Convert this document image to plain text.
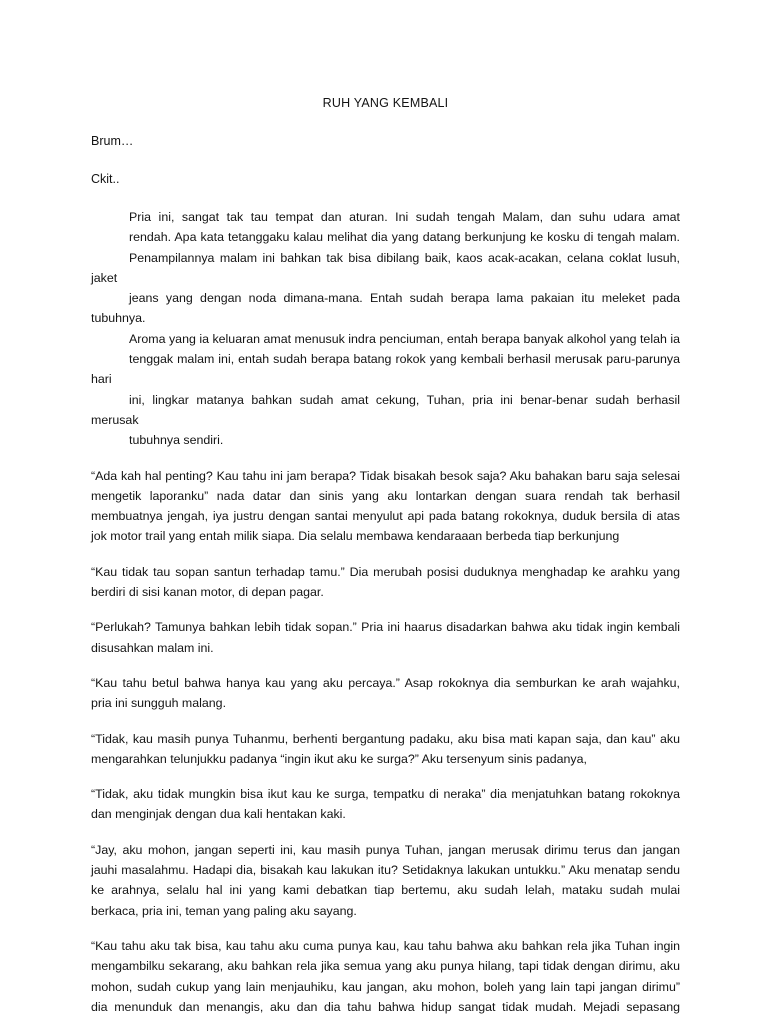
RUH YANG KEMBALI
Brum…
Ckit..
Pria ini, sangat tak tau tempat dan aturan. Ini sudah tengah Malam, dan suhu udara amat
rendah. Apa kata tetanggaku kalau melihat dia yang datang berkunjung ke kosku di tengah malam.
Penampilannya malam ini bahkan tak bisa dibilang baik, kaos acak-acakan, celana coklat lusuh, jaket
jeans yang dengan noda dimana-mana. Entah sudah berapa lama pakaian itu meleket pada tubuhnya.
Aroma yang ia keluaran amat menusuk indra penciuman, entah berapa banyak alkohol yang telah ia
tenggak malam ini, entah sudah berapa batang rokok yang kembali berhasil merusak paru-parunya hari
ini, lingkar matanya bahkan sudah amat cekung, Tuhan, pria ini benar-benar sudah berhasil merusak
tubuhnya sendiri.
“Ada kah hal penting? Kau tahu ini jam berapa? Tidak bisakah besok saja? Aku bahakan baru saja selesai
mengetik laporanku” nada datar dan sinis yang aku lontarkan dengan suara rendah tak berhasil
membuatnya jengah, iya justru dengan santai menyulut api pada batang rokoknya, duduk bersila di atas
jok motor trail yang entah milik siapa. Dia selalu membawa kendaraaan berbeda tiap berkunjung
“Kau tidak tau sopan santun terhadap tamu.” Dia merubah posisi duduknya menghadap ke arahku yang
berdiri di sisi kanan motor, di depan pagar.
“Perlukah? Tamunya bahkan lebih tidak sopan.” Pria ini haarus disadarkan bahwa aku tidak ingin kembali
disusahkan malam ini.
“Kau tahu betul bahwa hanya kau yang aku percaya.” Asap rokoknya dia semburkan ke arah wajahku,
pria ini sungguh malang.
“Tidak, kau masih punya Tuhanmu, berhenti bergantung padaku, aku bisa mati kapan saja, dan kau” aku
mengarahkan telunjukku padanya “ingin ikut aku ke surga?” Aku tersenyum sinis padanya,
“Tidak, aku tidak mungkin bisa ikut kau ke surga, tempatku di neraka” dia menjatuhkan batang rokoknya
dan menginjak dengan dua kali hentakan kaki.
“Jay, aku mohon, jangan seperti ini, kau masih punya Tuhan, jangan merusak dirimu terus dan jangan
jauhi masalahmu. Hadapi dia, bisakah kau lakukan itu? Setidaknya lakukan untukku.” Aku menatap sendu
ke arahnya, selalu hal ini yang kami debatkan tiap bertemu, aku sudah lelah, mataku sudah mulai
berkaca, pria ini, teman yang paling aku sayang.
“Kau tahu aku tak bisa, kau tahu aku cuma punya kau, kau tahu bahwa aku bahkan rela jika Tuhan ingin
mengambilku sekarang, aku bahkan rela jika semua yang aku punya hilang, tapi tidak dengan dirimu, aku
mohon, sudah cukup yang lain menjauhiku, kau jangan, aku mohon, boleh yang lain tapi jangan dirimu”
dia menunduk dan menangis, aku dan dia tahu bahwa hidup sangat tidak mudah. Mejadi sepasang
